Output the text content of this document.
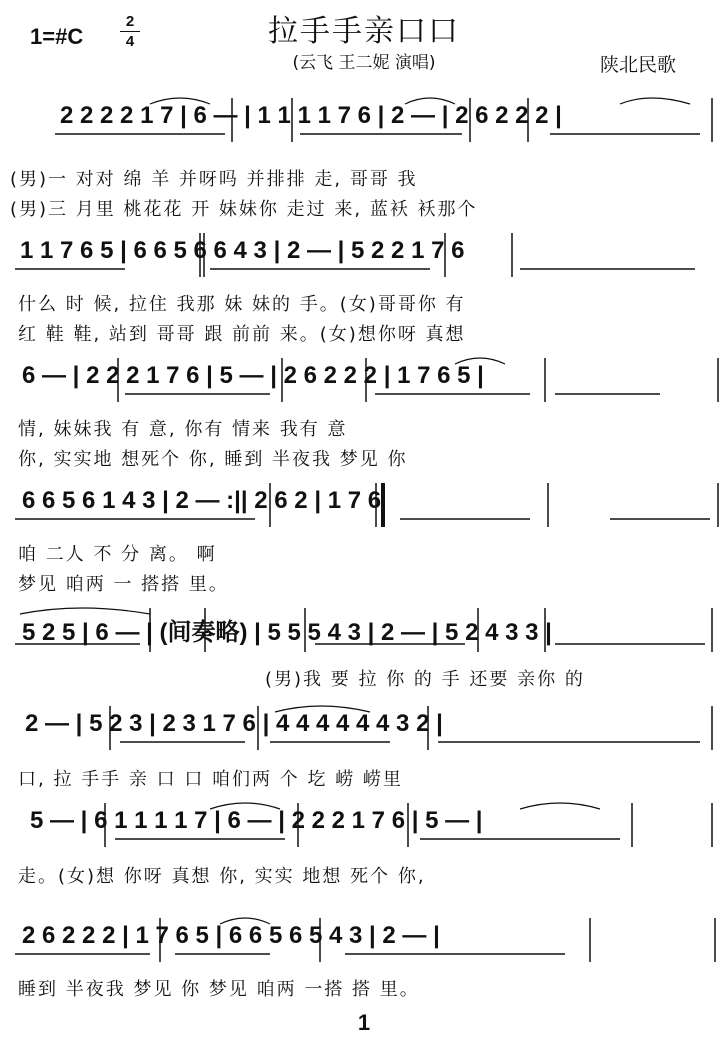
1=#C
2
4	拉手手亲口口
(云飞 王二妮 演唱)	陕北民歌
2 2 2 2 1 7 | 6 — | 1 1 1 1 7 6 | 2 — | 2 6 2 2 2 |
(男)一 对对 绵 羊 并呀吗 并排排 走, 哥哥 我
(男)三 月里 桃花花 开 妹妹你 走过 来, 蓝袄 袄那个
1 1 7 6 5 | 6 6 5 6 6 4 3 | 2 — | 5 2 2 1 7 6
什么 时 候, 拉住 我那 妹 妹的 手。(女)哥哥你 有
红 鞋 鞋, 站到 哥哥 跟 前前 来。(女)想你呀 真想
6 — | 2 2 2 1 7 6 | 5 — | 2 6 2 2 2 | 1 7 6 5 |
情, 妹妹我 有 意, 你有 情来 我有 意
你, 实实地 想死个 你, 睡到 半夜我 梦见 你
6 6 5 6 1 4 3 | 2 — :|| 2 6 2 | 1 7 6
咱 二人 不 分 离。 啊
梦见 咱两 一 搭搭 里。
5 2 5 | 6 — | (间奏略) | 5 5 5 4 3 | 2 — | 5 2 4 3 3 |
(男)我 要 拉 你 的 手 还要 亲你 的
2 — | 5 2 3 | 2 3 1 7 6 | 4 4 4 4 4 4 3 2 |
口, 拉 手手 亲 口 口 咱们两 个 圪 崂 崂里
5 — | 6 1 1 1 1 7 | 6 — | 2 2 2 1 7 6 | 5 — |
走。(女)想 你呀 真想 你, 实实 地想 死个 你,
2 6 2 2 2 | 1 7 6 5 | 6 6 5 6 5 4 3 | 2 — |
睡到 半夜我 梦见 你 梦见 咱两 一搭 搭 里。
1
